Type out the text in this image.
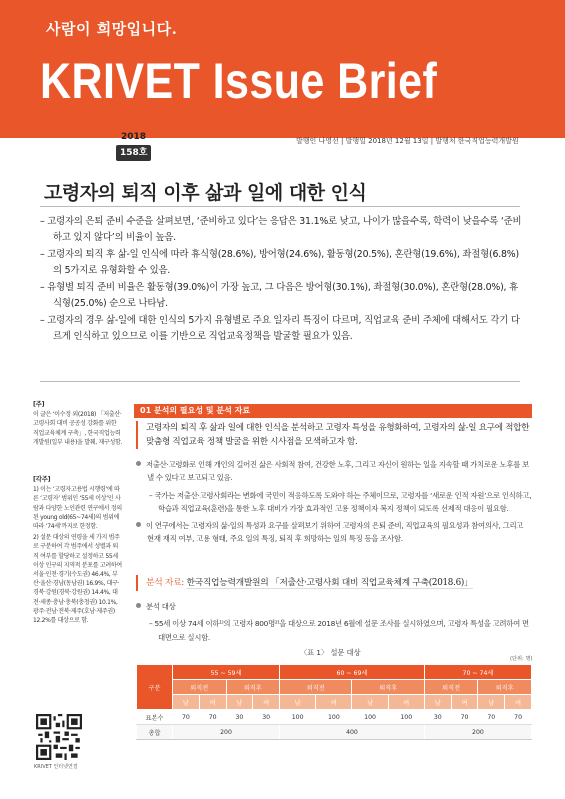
사람이 희망입니다.
KRIVET Issue Brief
2018
158호
발행인 나영선 | 발행일 2018년 12월 13일 | 발행처 한국직업능력개발원
고령자의 퇴직 이후 삶과 일에 대한 인식
– 고령자의 은퇴 준비 수준을 살펴보면, ‘준비하고 있다’는 응답은 31.1%로 낮고, 나이가 많을수록, 학력이 낮을수록 ‘준비하고 있지 않다’의 비율이 높음.
– 고령자의 퇴직 후 삶-일 인식에 따라 휴식형(28.6%), 방어형(24.6%), 활동형(20.5%), 혼란형(19.6%), 좌절형(6.8%)의 5가지로 유형화할 수 있음.
– 유형별 퇴직 준비 비율은 활동형(39.0%)이 가장 높고, 그 다음은 방어형(30.1%), 좌절형(30.0%), 혼란형(28.0%), 휴식형(25.0%) 순으로 나타남.
– 고령자의 경우 삶-일에 대한 인식의 5가지 유형별로 주요 일자리 특징이 다르며, 직업교육 준비 주체에 대해서도 각기 다르게 인식하고 있으므로 이를 기반으로 직업교육정책을 발굴할 필요가 있음.
[주]

이 글은 ‘이수정 외(2018) 「저출산·고령사회 대비 공공성 강화를 위한 직업교육체계 구축」, 한국직업능력개발원(일부 내용)을 발췌, 재구성함.

[각주]

1) 이는 ‘고령자고용법 시행령’에 따른 ‘고령자’ 범위인 ‘55세 이상’인 사람과 다양한 노인관련 연구에서 정의된 young old(65~74세)의 범위에 따라 ‘74세’까지로 한정함.

2) 설문 대상의 연령을 세 가지 범주로 구분하여 각 범주에서 성별과 퇴직 여부를 할당하고 설정하고 55세 이상 인구의 지역적 분포를 고려하여 서울·인천·경기(수도권) 46.4%, 부산·울산·경남(동남권) 16.9%, 대구·경북·강원(경북·강원권) 14.4%, 대전·세종·충남·충북(충청권) 10.1%, 광주·전남·전북·제주(호남·제주권) 12.2%를 대상으로 함.

KRIVET 인터넷연결
01 분석의 필요성 및 분석 자료
고령자의 퇴직 후 삶과 일에 대한 인식을 분석하고 고령자 특성을 유형화하여, 고령자의 삶-일 요구에 적합한 맞춤형 직업교육 정책 발굴을 위한 시사점을 모색하고자 함.
저출산·고령화로 인해 개인의 길어진 삶은 사회적 참여, 건강한 노후, 그리고 자신이 원하는 일을 지속할 때 가치로운 노후를 보낼 수 있다고 보고되고 있음.
– 국가는 저출산·고령사회라는 변화에 국민이 적응하도록 도와야 하는 주체이므로, 고령자를 ‘새로운 인적 자원’으로 인식하고, 학습과 직업교육(훈련)을 통한 노후 대비가 가장 효과적인 고용 정책이자 복지 정책이 되도록 선제적 대응이 필요함.
이 연구에서는 고령자의 삶-일의 특성과 요구를 살펴보기 위하여 고령자의 은퇴 준비, 직업교육의 필요성과 참여의사, 그리고 현재 재직 여부, 고용 형태, 주요 일의 특징, 퇴직 후 희망하는 일의 특징 등을 조사함.
분석 자료: 한국직업능력개발원의 「저출산·고령사회 대비 직업교육체계 구축(2018.6)」
분석 대상
– 55세 이상 74세 이하¹⁾의 고령자 800명²⁾을 대상으로 2018년 6월에 설문 조사를 실시하였으며, 고령자 특성을 고려하여 면대면으로 실시함.
〈표 1〉 설문 대상
(단위: 명)
구분	55 ~ 59세				60 ~ 69세				70 ~ 74세			
	퇴직전		퇴직후		퇴직전		퇴직후		퇴직전		퇴직후	
	남	여	남	여	남	여	남	여	남	여	남	여
표본수	70	70	30	30	100	100	100	100	30	70	70	70
총합	200				400				200			
